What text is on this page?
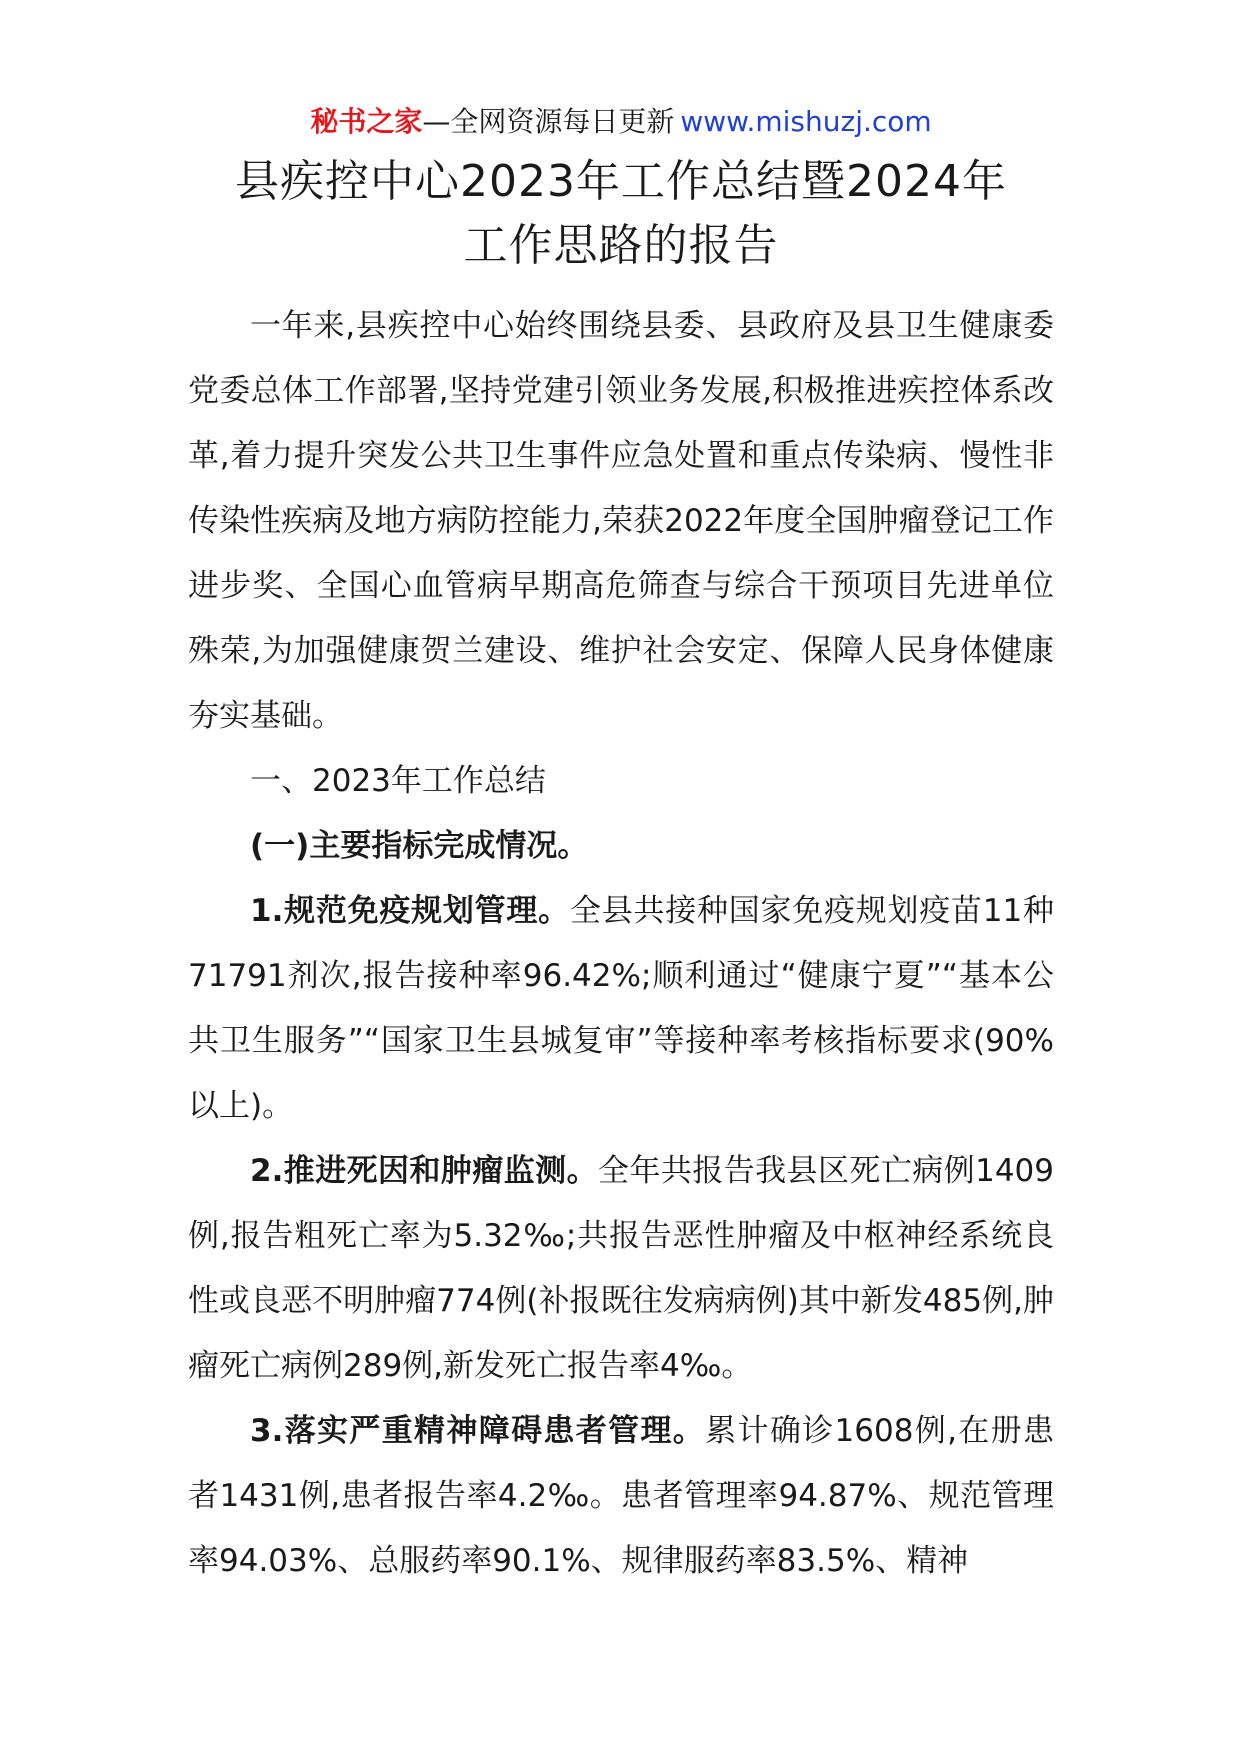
秘书之家—全网资源每日更新 www.mishuzj.com
县疾控中心2023年工作总结暨2024年
工作思路的报告

一年来,县疾控中心始终围绕县委、县政府及县卫生健康委党委总体工作部署,坚持党建引领业务发展,积极推进疾控体系改革,着力提升突发公共卫生事件应急处置和重点传染病、慢性非传染性疾病及地方病防控能力,荣获2022年度全国肿瘤登记工作进步奖、全国心血管病早期高危筛查与综合干预项目先进单位殊荣,为加强健康贺兰建设、维护社会安定、保障人民身体健康夯实基础。

一、2023年工作总结

(一)主要指标完成情况。

1.规范免疫规划管理。全县共接种国家免疫规划疫苗11种71791剂次,报告接种率96.42%;顺利通过“健康宁夏”“基本公共卫生服务”“国家卫生县城复审”等接种率考核指标要求(90%以上)。

2.推进死因和肿瘤监测。全年共报告我县区死亡病例1409例,报告粗死亡率为5.32‰;共报告恶性肿瘤及中枢神经系统良性或良恶不明肿瘤774例(补报既往发病病例)其中新发485例,肿瘤死亡病例289例,新发死亡报告率4‰。

3.落实严重精神障碍患者管理。累计确诊1608例,在册患者1431例,患者报告率4.2‰。患者管理率94.87%、规范管理率94.03%、总服药率90.1%、规律服药率83.5%、精神
